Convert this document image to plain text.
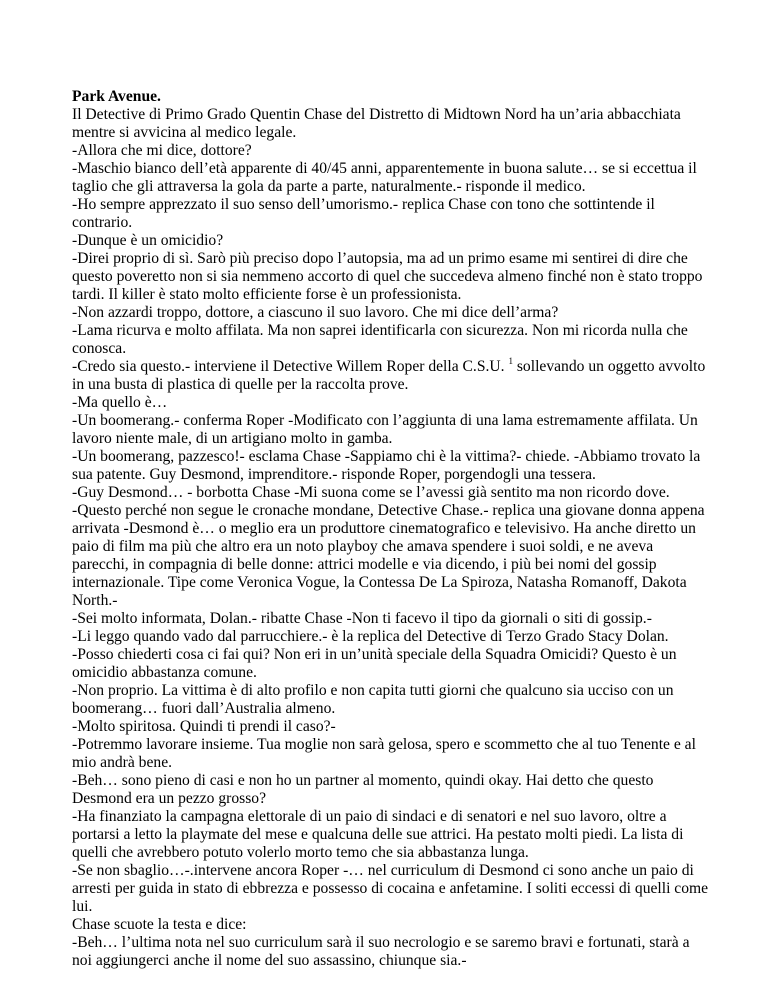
Park Avenue.
Il Detective di Primo Grado Quentin Chase del Distretto di Midtown Nord ha un’aria abbacchiata mentre si avvicina al medico legale.
-Allora che mi dice, dottore?
-Maschio bianco dell’età apparente di 40/45 anni, apparentemente in buona salute… se si eccettua il taglio che gli attraversa la gola da parte a parte, naturalmente.- risponde il medico.
-Ho sempre apprezzato il suo senso dell’umorismo.- replica Chase con tono che sottintende il contrario.
-Dunque è un omicidio?
-Direi proprio di sì. Sarò più preciso dopo l’autopsia, ma ad un primo esame mi sentirei di dire che questo poveretto non si sia nemmeno accorto di quel che succedeva almeno finché non è stato troppo tardi. Il killer è stato molto efficiente forse è un professionista.
-Non azzardi troppo, dottore, a ciascuno il suo lavoro. Che mi dice dell’arma?
-Lama ricurva e molto affilata. Ma non saprei identificarla con sicurezza. Non mi ricorda nulla che conosca.
-Credo sia questo.- interviene il Detective Willem Roper della C.S.U. $^1$ sollevando un oggetto avvolto in una busta di plastica di quelle per la raccolta prove.
-Ma quello è…
-Un boomerang.- conferma Roper -Modificato con l’aggiunta di una lama estremamente affilata. Un lavoro niente male, di un artigiano molto in gamba.
-Un boomerang, pazzesco!- esclama Chase -Sappiamo chi è la vittima?- chiede. -Abbiamo trovato la sua patente. Guy Desmond, imprenditore.- risponde Roper, porgendogli una tessera.
-Guy Desmond… - borbotta Chase -Mi suona come se l’avessi già sentito ma non ricordo dove.
-Questo perché non segue le cronache mondane, Detective Chase.- replica una giovane donna appena arrivata -Desmond è… o meglio era un produttore cinematografico e televisivo. Ha anche diretto un paio di film ma più che altro era un noto playboy che amava spendere i suoi soldi, e ne aveva parecchi, in compagnia di belle donne: attrici modelle e via dicendo, i più bei nomi del gossip internazionale. Tipe come Veronica Vogue, la Contessa De La Spiroza, Natasha Romanoff, Dakota North.-
-Sei molto informata, Dolan.- ribatte Chase -Non ti facevo il tipo da giornali o siti di gossip.-
-Li leggo quando vado dal parrucchiere.- è la replica del Detective di Terzo Grado Stacy Dolan.
-Posso chiederti cosa ci fai qui? Non eri in un’unità speciale della Squadra Omicidi? Questo è un omicidio abbastanza comune.
-Non proprio. La vittima è di alto profilo e non capita tutti giorni che qualcuno sia ucciso con un boomerang… fuori dall’Australia almeno.
-Molto spiritosa. Quindi ti prendi il caso?-
-Potremmo lavorare insieme. Tua moglie non sarà gelosa, spero e scommetto che al tuo Tenente e al mio andrà bene.
-Beh… sono pieno di casi e non ho un partner al momento, quindi okay. Hai detto che questo Desmond era un pezzo grosso?
-Ha finanziato la campagna elettorale di un paio di sindaci e di senatori e nel suo lavoro, oltre a portarsi a letto la playmate del mese e qualcuna delle sue attrici. Ha pestato molti piedi. La lista di quelli che avrebbero potuto volerlo morto temo che sia abbastanza lunga.
-Se non sbaglio…-.intervene ancora Roper -… nel curriculum di Desmond ci sono anche un paio di arresti per guida in stato di ebbrezza e possesso di cocaina e anfetamine. I soliti eccessi di quelli come lui.
Chase scuote la testa e dice:
-Beh… l’ultima nota nel suo curriculum sarà il suo necrologio e se saremo bravi e fortunati, starà a noi aggiungerci anche il nome del suo assassino, chiunque sia.-
